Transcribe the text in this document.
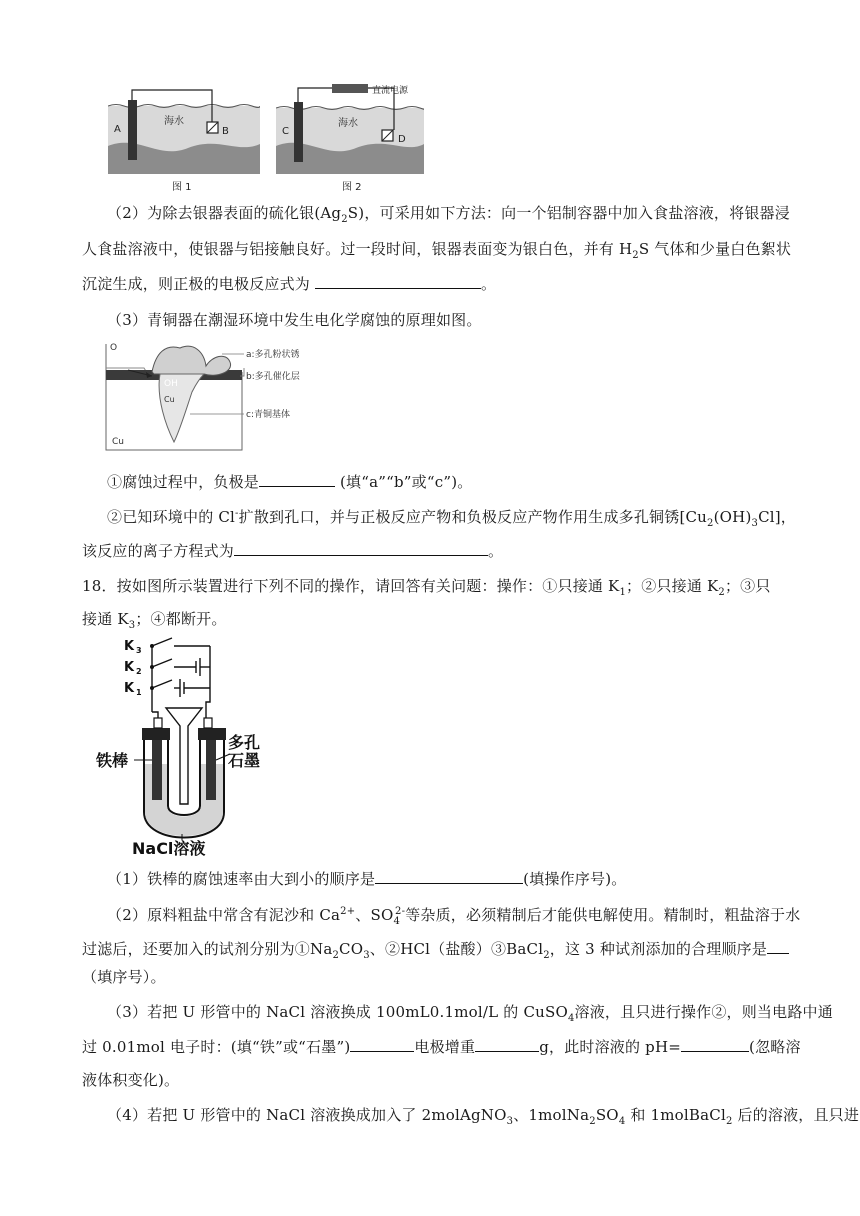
A	B
海水
图 1
直流电源
C
D
海水
图 2
（2）为除去银器表面的硫化银$(Ag_2S)$，可采用如下方法：向一个铝制容器中加入食盐溶液，将银器浸
人食盐溶液中，使银器与铝接触良好。过一段时间，银器表面变为银白色，并有 $H_2S$ 气体和少量白色絮状
沉淀生成，则正极的电极反应式为	。
（3）青铜器在潮湿环境中发生电化学腐蚀的原理如图。
O
OH
Cu
Cu
a:多孔粉状锈
b:多孔催化层
c:青铜基体
①腐蚀过程中，负极是	(填“a”“b”或“c”)。
②已知环境中的 Cl-扩散到孔口，并与正极反应产物和负极反应产物作用生成多孔铜锈$[Cu_2(OH)_3Cl]$，
该反应的离子方程式为	。
18．按如图所示装置进行下列不同的操作，请回答有关问题：操作：①只接通 $K_1$；②只接通 $K_2$；③只
接通 $K_3$；④都断开。
K 3
K 2
K 1
铁棒
多孔
石墨
NaCl溶液
（1）铁棒的腐蚀速率由大到小的顺序是	(填操作序号)。
（2）原料粗盐中常含有泥沙和 $Ca^{2+}$、$SO_4^{2-}$等杂质，必须精制后才能供电解使用。精制时，粗盐溶于水
过滤后，还要加入的试剂分别为$①Na_2CO_3$、②HCl（盐酸）③BaCl$_2$，这 3 种试剂添加的合理顺序是
（填序号）。
（3）若把 U 形管中的 NaCl 溶液换成 100mL0.1mol/L 的 CuSO$_4$溶液，且只进行操作②，则当电路中通
过 0.01mol 电子时：(填“铁”或“石墨”)	电极增重	g，此时溶液的 pH=	(忽略溶
液体积变化)。
（4）若把 U 形管中的 NaCl 溶液换成加入了 2molAgNO$_3$、$1molNa_2SO_4$ 和 1molBaCl$_2$ 后的溶液，且只进
